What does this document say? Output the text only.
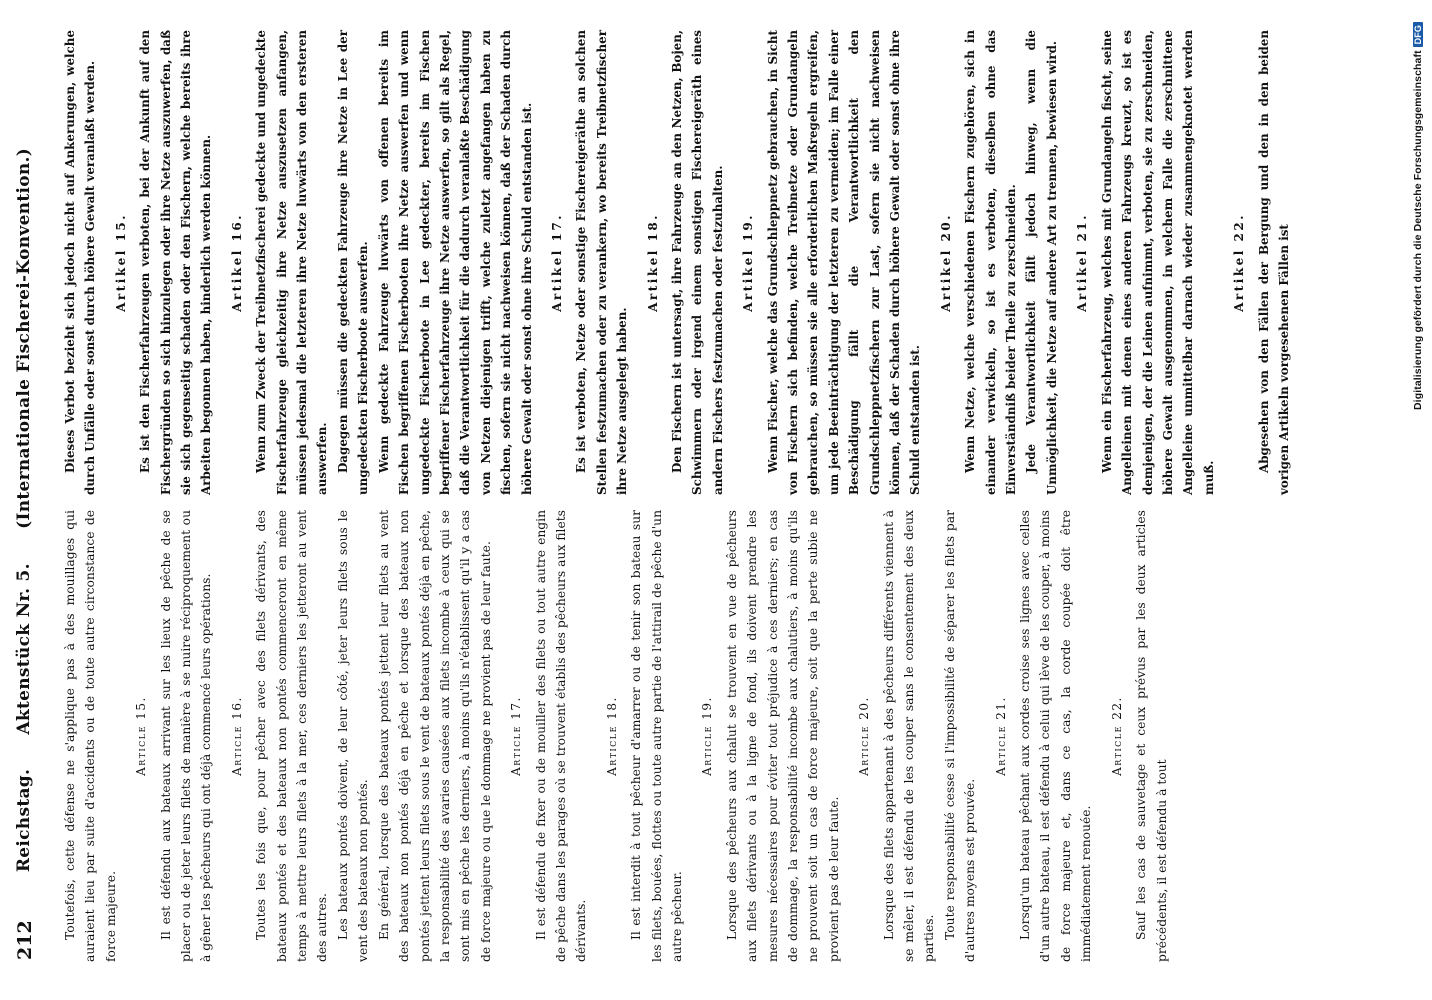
212
Reichstag. Aktenstück Nr. 5. (Internationale Fischerei-Konvention.)

Toutefois, cette défense ne s'applique pas à des mouillages qui auraient lieu par suite d'accidents ou de toute autre circonstance de force majeure.

Article 15. Il est défendu aux bateaux arrivant sur les lieux de pêche de se placer ou de jeter leurs filets de manière à se nuire réciproquement ou à gêner les pêcheurs qui ont déjà commencé leurs opérations. Article 16. Toutes les fois que, pour pêcher avec des filets dérivants, des bateaux pontés et des bateaux non pontés commenceront en même temps à mettre leurs filets à la mer, ces derniers les jetteront au vent des autres. Les bateaux pontés doivent, de leur côté, jeter leurs filets sous le vent des bateaux non pontés. En général, lorsque des bateaux pontés jettent leur filets au vent des bateaux non pontés déjà en pêche et lorsque des bateaux non pontés jettent leurs filets sous le vent de bateaux pontés déjà en pêche, la responsabilité des avaries causées aux filets incombe à ceux qui se sont mis en pêche les derniers, à moins qu'ils n'établissent qu'il y a cas de force majeure ou que le dommage ne provient pas de leur faute. Article 17. Il est défendu de fixer ou de mouiller des filets ou tout autre engin de pêche dans les parages où se trouvent établis des pêcheurs aux filets dérivants.

Article 18. Il est interdit à tout pêcheur d'amarrer ou de tenir son bateau sur les filets, bouées, flottes ou toute autre partie de l'attirail de pêche d'un autre pêcheur.

Article 19. Lorsque des pêcheurs aux chalut se trouvent en vue de pêcheurs aux filets dérivants ou à la ligne de fond, ils doivent prendre les mesures nécessaires pour éviter tout préjudice à ces derniers; en cas de dommage, la responsabilité incombe aux chalutiers, à moins qu'ils ne prouvent soit un cas de force majeure, soit que la perte subie ne provient pas de leur faute.

Article 20. Lorsque des filets appartenant à des pêcheurs différents viennent à se mêler, il est défendu de les couper sans le consentement des deux parties. Toute responsabilité cesse si l'impossibilité de séparer les filets par d'autres moyens est prouvée.

Article 21. Lorsqu'un bateau pêchant aux cordes croise ses lignes avec celles d'un autre bateau, il est défendu à celui qui lève de les couper, à moins de force majeure et, dans ce cas, la corde coupée doit être immédiatement renouée.

Article 22. Sauf les cas de sauvetage et ceux prévus par les deux articles précédents, il est défendu à tout

Dieses Verbot bezieht sich jedoch nicht auf Ankerungen, welche durch Unfälle oder sonst durch höhere Gewalt veranlaßt werden. Artikel 15. Es ist den Fischerfahrzeugen verboten, bei der Ankunft auf den Fischergründen so sich hinzulegen oder ihre Netze auszuwerfen, daß sie sich gegenseitig schaden oder den Fischern, welche bereits ihre Arbeiten begonnen haben, hinderlich werden können. Artikel 16. Wenn zum Zweck der Treibnetzfischerei gedeckte und ungedeckte Fischerfahrzeuge gleichzeitig ihre Netze auszusetzen anfangen, müssen jedesmal die letzteren ihre Netze luvwärts von den ersteren auswerfen. Dagegen müssen die gedeckten Fahrzeuge ihre Netze in Lee der ungedeckten Fischerboote auswerfen. Wenn gedeckte Fahrzeuge luvwärts von offenen bereits im Fischen begriffenen Fischerbooten ihre Netze auswerfen und wenn ungedeckte Fischerboote in Lee gedeckter, bereits im Fischen begriffener Fischerfahrzeuge ihre Netze auswerfen, so gilt als Regel, daß die Verantwortlichkeit für die dadurch veranlaßte Beschädigung von Netzen diejenigen trifft, welche zuletzt angefangen haben zu fischen, sofern sie nicht nachweisen können, daß der Schaden durch höhere Gewalt oder sonst ohne ihre Schuld entstanden ist. Artikel 17. Es ist verboten, Netze oder sonstige Fischereigeräthe an solchen Stellen festzumachen oder zu verankern, wo bereits Treibnetzfischer ihre Netze ausgelegt haben.

Artikel 18. Den Fischern ist untersagt, ihre Fahrzeuge an den Netzen, Bojen, Schwimmern oder irgend einem sonstigen Fischereigeräth eines andern Fischers festzumachen oder festzuhalten. Artikel 19. Wenn Fischer, welche das Grundschleppnetz gebrauchen, in Sicht von Fischern sich befinden, welche Treibnetze oder Grundangeln gebrauchen, so müssen sie alle erforderlichen Maßregeln ergreifen, um jede Beeinträchtigung der letzteren zu vermeiden; im Falle einer Beschädigung fällt die Verantwortlichkeit den Grundschleppnetzfischern zur Last, sofern sie nicht nachweisen können, daß der Schaden durch höhere Gewalt oder sonst ohne ihre Schuld entstanden ist.

Artikel 20. Wenn Netze, welche verschiedenen Fischern zugehören, sich in einander verwickeln, so ist es verboten, dieselben ohne das Einverständniß beider Theile zu zerschneiden. Jede Verantwortlichkeit fällt jedoch hinweg, wenn die Unmöglichkeit, die Netze auf andere Art zu trennen, bewiesen wird. Artikel 21. Wenn ein Fischerfahrzeug, welches mit Grundangeln fischt, seine Angelleinen mit denen eines anderen Fahrzeugs kreuzt, so ist es demjenigen, der die Leinen aufnimmt, verboten, sie zu zerschneiden, höhere Gewalt ausgenommen, in welchem Falle die zerschnittene Angelleine unmittelbar darnach wieder zusammengeknotet werden muß.

Artikel 22. Abgesehen von den Fällen der Bergung und den in den beiden vorigen Artikeln vorgesehenen Fällen ist	Digitalisierung gefördert durch die Deutsche ForschungsgemeinschaftDFG
